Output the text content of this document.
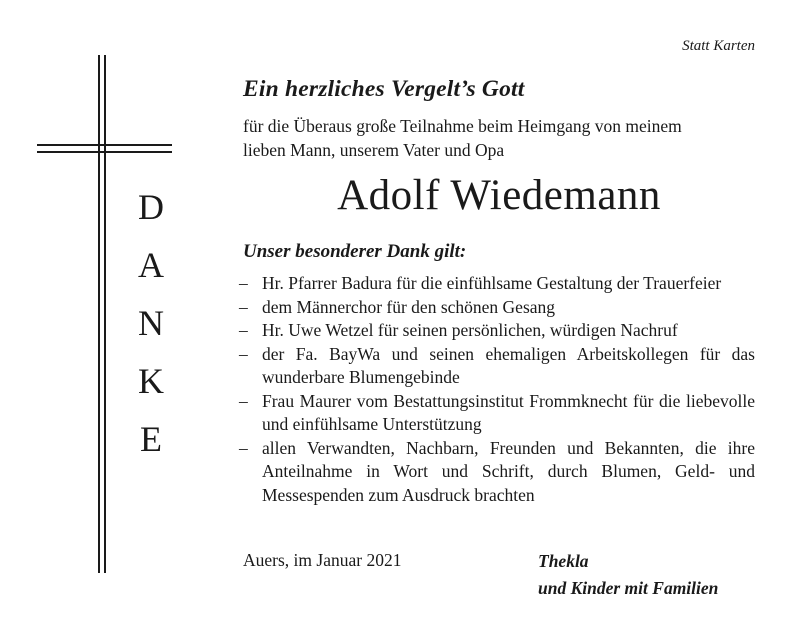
D
A
N
K
E
Statt Karten
Ein herzliches Vergelt’s Gott
für die Überaus große Teilnahme beim Heimgang von meinem
lieben Mann, unserem Vater und Opa
Adolf Wiedemann
Unser besonderer Dank gilt:
– Hr. Pfarrer Badura für die einfühlsame Gestaltung der Trauerfeier
– dem Männerchor für den schönen Gesang
– Hr. Uwe Wetzel für seinen persönlichen, würdigen Nachruf
– der Fa. BayWa und seinen ehemaligen Arbeitskollegen für das wunderbare Blumengebinde
– Frau Maurer vom Bestattungsinstitut Frommknecht für die liebevolle und einfühlsame Unterstützung
– allen Verwandten, Nachbarn, Freunden und Bekannten, die ihre Anteilnahme in Wort und Schrift, durch Blumen, Geld- und Messespenden zum Ausdruck brachten
Auers, im Januar 2021	Thekla
und Kinder mit Familien
